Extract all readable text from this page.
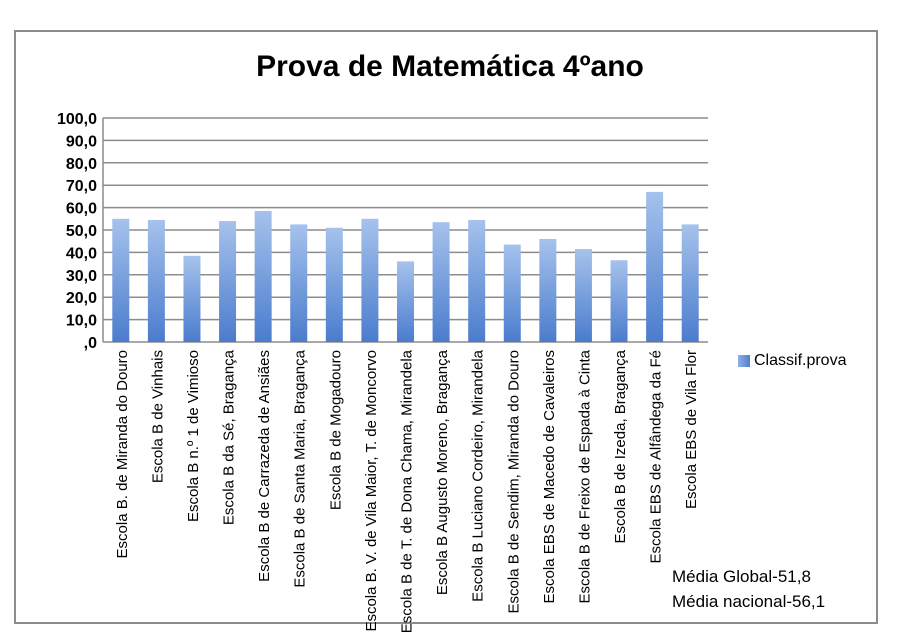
Prova de Matemática 4ºano
100,0
90,0
80,0
70,0
60,0
50,0
40,0
30,0
20,0
10,0
,0
Escola B. de Miranda do Douro Escola B de Vinhais Escola B n.º 1 de Vimioso Escola B da Sé, Bragança Escola B de Carrazeda de Ansiães Escola B de Santa Maria, Bragança Escola B de Mogadouro Escola B. V. de Vila Maior, T. de Moncorvo Escola B de T. de Dona Chama, Mirandela Escola B Augusto Moreno, Bragança Escola B Luciano Cordeiro, Mirandela Escola B de Sendim, Miranda do Douro Escola EBS de Macedo de Cavaleiros Escola B de Freixo de Espada à Cinta Escola B de Izeda, Bragança Escola EBS de Alfândega da Fé Escola EBS de Vila Flor	Classif.prova
Média Global-51,8
Média nacional-56,1
